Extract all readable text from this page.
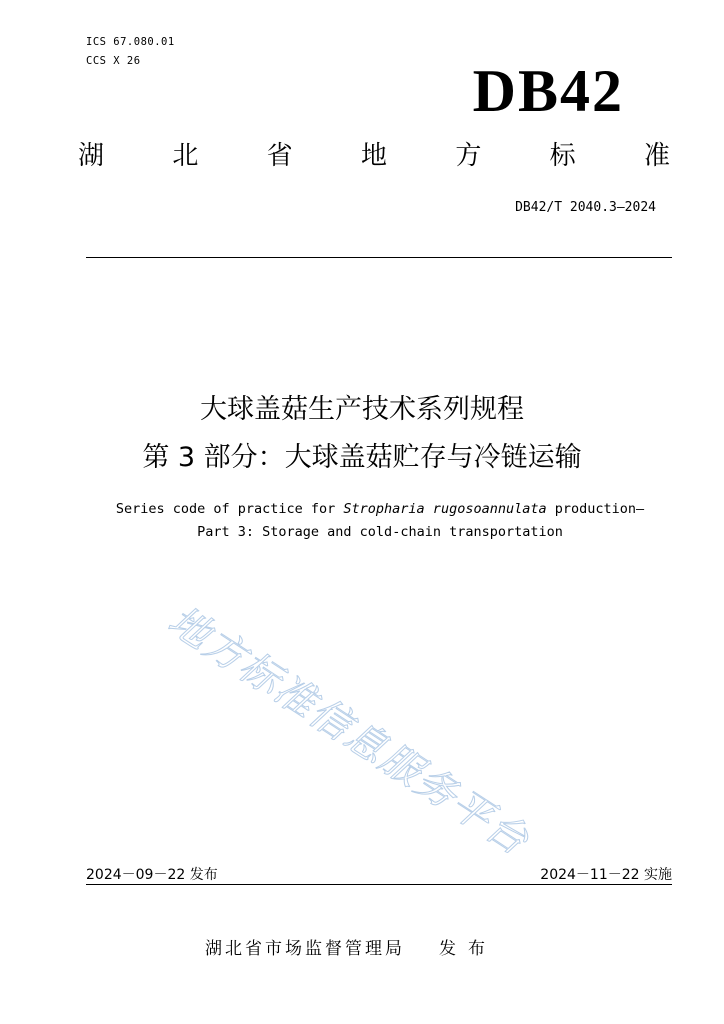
ICS 67.080.01
CCS X 26	DB42
湖	北	省	地	方	标	准
DB42/T 2040.3—2024
大球盖菇生产技术系列规程
第 3 部分：大球盖菇贮存与冷链运输
Series code of practice for Stropharia rugosoannulata production—
Part 3: Storage and cold-chain transportation
地方标准信息服务平台
2024－09－22 发布	2024－11－22 实施
湖北省市场监督管理局 发布
